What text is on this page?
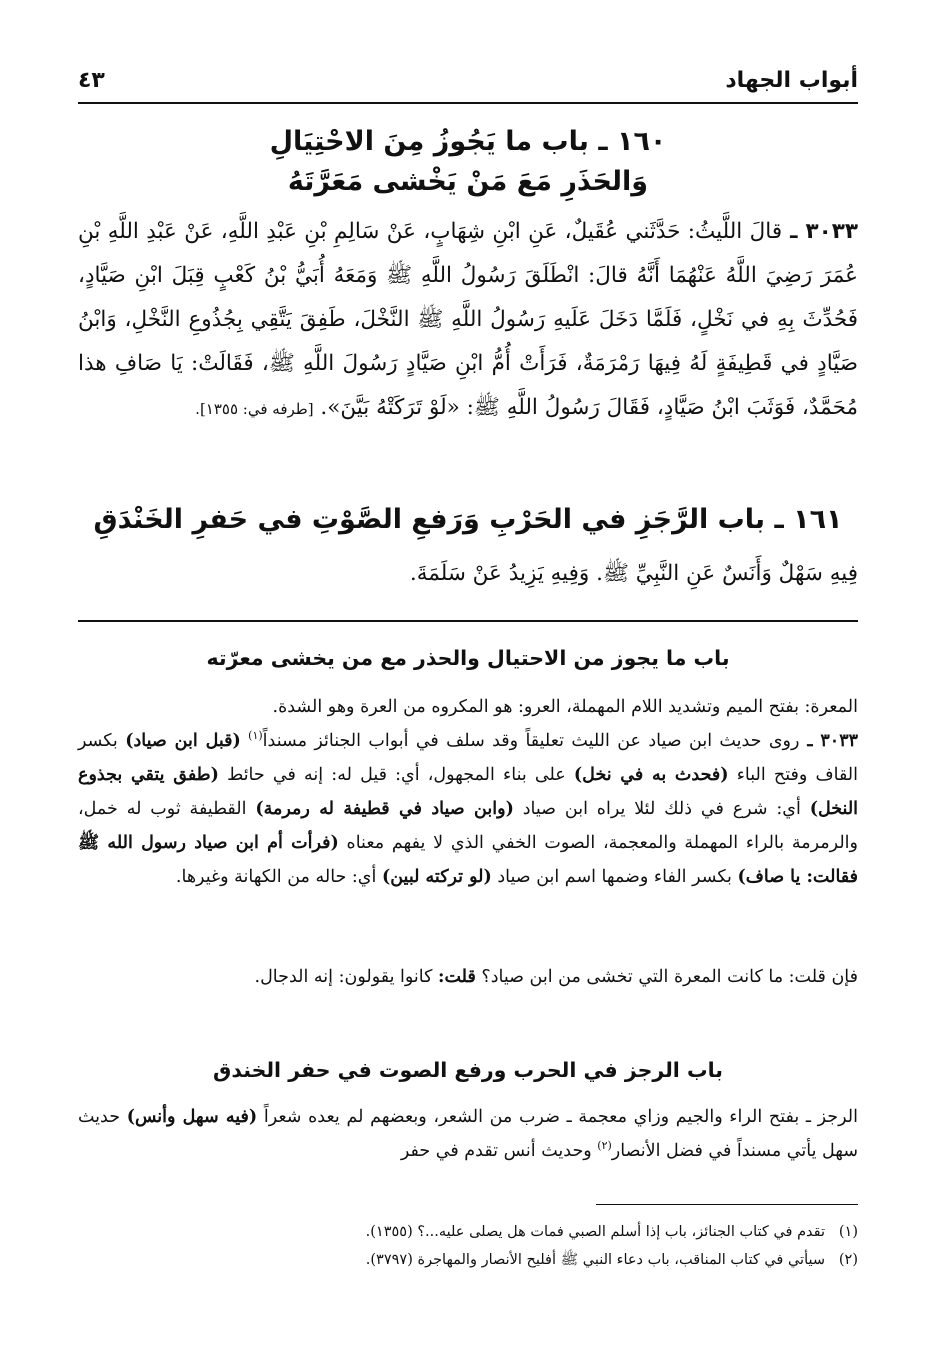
أبواب الجهاد
٤٣

١٦٠ ـ باب ما يَجُوزُ مِنَ الاحْتِيَالِ

وَالحَذَرِ مَعَ مَنْ يَخْشى مَعَرَّتَهُ

٣٠٣٣ ـ قالَ اللَّيثُ: حَدَّثَني عُقَيلٌ، عَنِ ابْنِ شِهَابٍ، عَنْ سَالِمِ بْنِ عَبْدِ اللَّهِ، عَنْ عَبْدِ اللَّهِ بْنِ عُمَرَ رَضِيَ اللَّهُ عَنْهُمَا أَنَّهُ قالَ: انْطَلَقَ رَسُولُ اللَّهِ ﷺ وَمَعَهُ أُبَيُّ بْنُ كَعْبٍ قِبَلَ ابْنِ صَيَّادٍ، فَحُدِّثَ بِهِ في نَخْلٍ، فَلَمَّا دَخَلَ عَلَيهِ رَسُولُ اللَّهِ ﷺ النَّخْلَ، طَفِقَ يَتَّقِي بِجُذُوعِ النَّخْلِ، وَابْنُ صَيَّادٍ في قَطِيفَةٍ لَهُ فِيهَا رَمْرَمَةٌ، فَرَأَتْ أُمُّ ابْنِ صَيَّادٍ رَسُولَ اللَّهِ ﷺ، فَقَالَتْ: يَا صَافِ هذا مُحَمَّدٌ، فَوَثَبَ ابْنُ صَيَّادٍ، فَقَالَ رَسُولُ اللَّهِ ﷺ: «لَوْ تَرَكَتْهُ بَيَّنَ». [طرفه في: ١٣٥٥].

١٦١ ـ باب الرَّجَزِ في الحَرْبِ وَرَفعِ الصَّوْتِ في حَفرِ الخَنْدَقِ

فِيهِ سَهْلٌ وَأَنَسٌ عَنِ النَّبِيِّ ﷺ. وَفِيهِ يَزِيدُ عَنْ سَلَمَةَ.

باب ما يجوز من الاحتيال والحذر مع من يخشى معرّته

المعرة: بفتح الميم وتشديد اللام المهملة، العرو: هو المكروه من العرة وهو الشدة.

٣٠٣٣ ـ روى حديث ابن صياد عن الليث تعليقاً وقد سلف في أبواب الجنائز مسنداً$^{(١)}$ (قبل ابن صياد) بكسر القاف وفتح الباء (فحدث به في نخل) على بناء المجهول، أي: قيل له: إنه في حائط (طفق يتقي بجذوع النخل) أي: شرع في ذلك لئلا يراه ابن صياد (وابن صياد في قطيفة له رمرمة) القطيفة ثوب له خمل، والرمرمة بالراء المهملة والمعجمة، الصوت الخفي الذي لا يفهم معناه (فرأت أم ابن صياد رسول الله ﷺ فقالت: يا صاف) بكسر الفاء وضمها اسم ابن صياد (لو تركته لبين) أي: حاله من الكهانة وغيرها.

فإن قلت: ما كانت المعرة التي تخشى من ابن صياد؟ قلت: كانوا يقولون: إنه الدجال.

باب الرجز في الحرب ورفع الصوت في حفر الخندق

الرجز ـ بفتح الراء والجيم وزاي معجمة ـ ضرب من الشعر، وبعضهم لم يعده شعراً (فيه سهل وأنس) حديث سهل يأتي مسنداً في فضل الأنصار$^{(٢)}$ وحديث أنس تقدم في حفر

(١)   تقدم في كتاب الجنائز، باب إذا أسلم الصبي فمات هل يصلى عليه...؟ (١٣٥٥).

(٢)   سيأتي في كتاب المناقب، باب دعاء النبي ﷺ أفليح الأنصار والمهاجرة (٣٧٩٧).
